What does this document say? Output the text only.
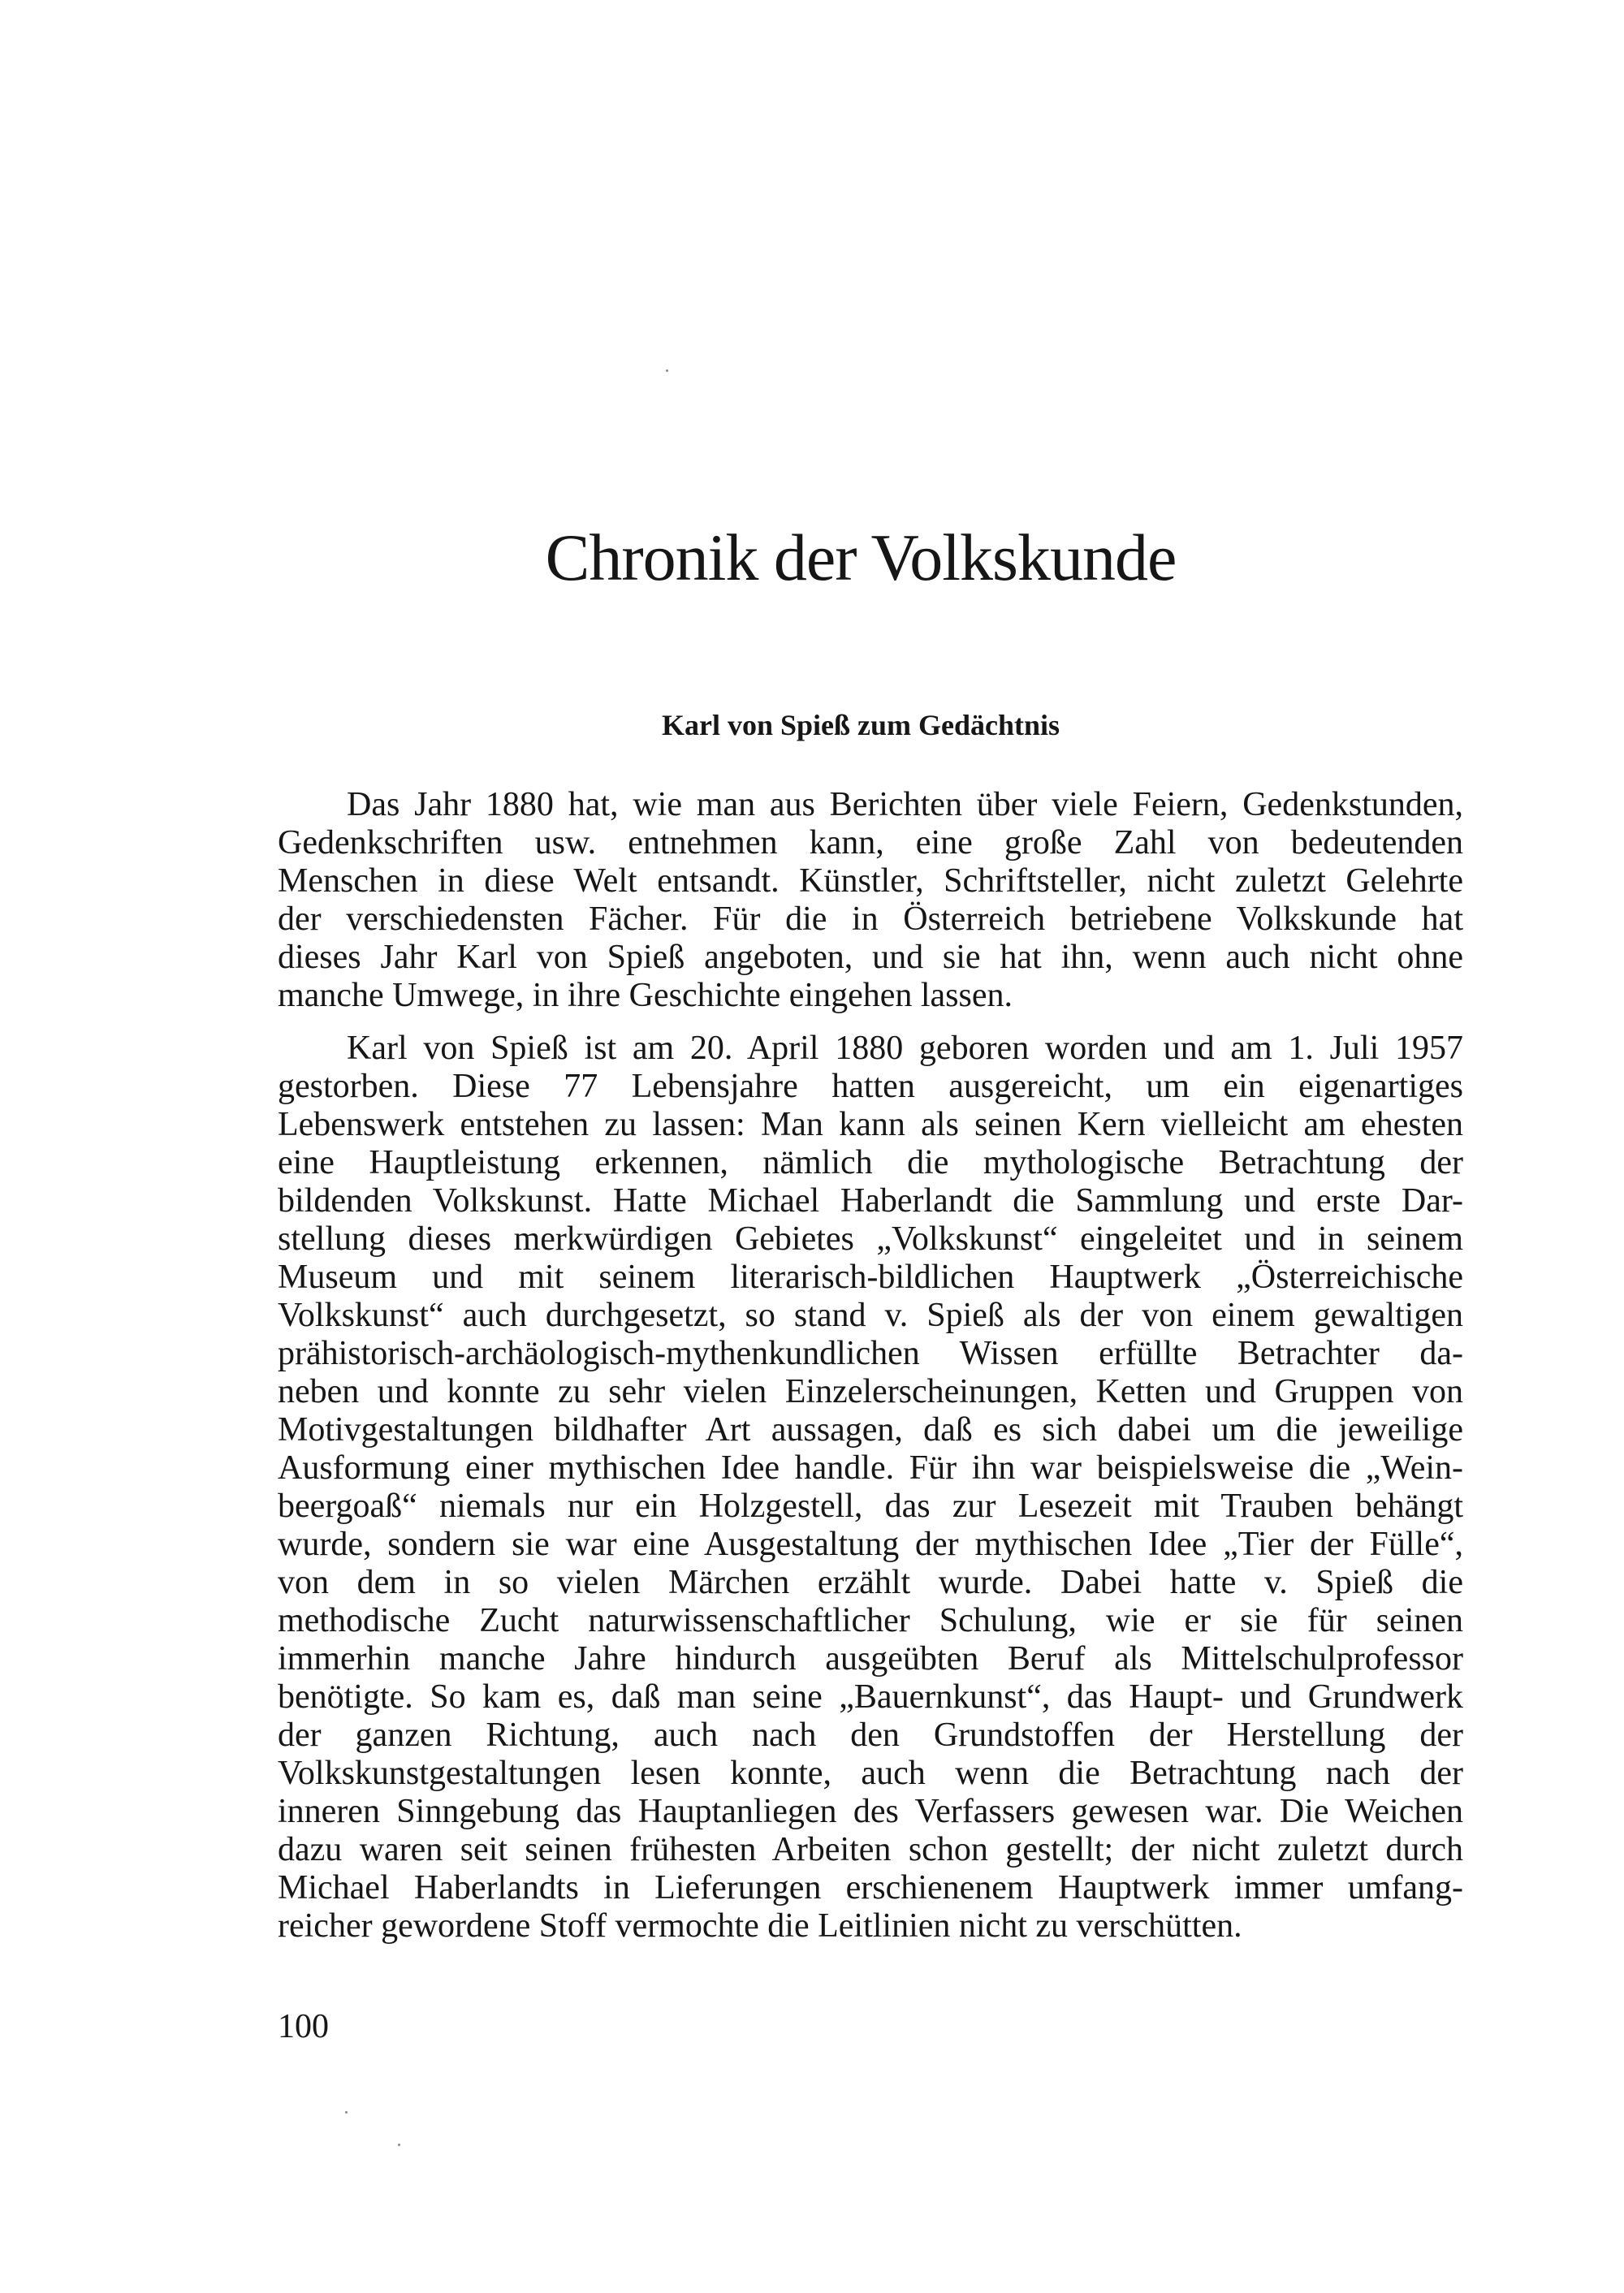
Chronik der Volkskunde
Karl von Spieß zum Gedächtnis
Das Jahr 1880 hat, wie man aus Berichten über viele Feiern, Gedenkstunden,
Gedenkschriften usw. entnehmen kann, eine große Zahl von bedeutenden
Menschen in diese Welt entsandt. Künstler, Schriftsteller, nicht zuletzt Gelehrte
der verschiedensten Fächer. Für die in Österreich betriebene Volkskunde hat
dieses Jahr Karl von Spieß angeboten, und sie hat ihn, wenn auch nicht ohne
manche Umwege, in ihre Geschichte eingehen lassen.
Karl von Spieß ist am 20. April 1880 geboren worden und am 1. Juli 1957
gestorben. Diese 77 Lebensjahre hatten ausgereicht, um ein eigenartiges
Lebenswerk entstehen zu lassen: Man kann als seinen Kern vielleicht am ehesten
eine Hauptleistung erkennen, nämlich die mythologische Betrachtung der
bildenden Volkskunst. Hatte Michael Haberlandt die Sammlung und erste Dar-
stellung dieses merkwürdigen Gebietes „Volkskunst“ eingeleitet und in seinem
Museum und mit seinem literarisch-bildlichen Hauptwerk „Österreichische
Volkskunst“ auch durchgesetzt, so stand v. Spieß als der von einem gewaltigen
prähistorisch-archäologisch-mythenkundlichen Wissen erfüllte Betrachter da-
neben und konnte zu sehr vielen Einzelerscheinungen, Ketten und Gruppen von
Motivgestaltungen bildhafter Art aussagen, daß es sich dabei um die jeweilige
Ausformung einer mythischen Idee handle. Für ihn war beispielsweise die „Wein-
beergoaß“ niemals nur ein Holzgestell, das zur Lesezeit mit Trauben behängt
wurde, sondern sie war eine Ausgestaltung der mythischen Idee „Tier der Fülle“,
von dem in so vielen Märchen erzählt wurde. Dabei hatte v. Spieß die
methodische Zucht naturwissenschaftlicher Schulung, wie er sie für seinen
immerhin manche Jahre hindurch ausgeübten Beruf als Mittelschulprofessor
benötigte. So kam es, daß man seine „Bauernkunst“, das Haupt- und Grundwerk
der ganzen Richtung, auch nach den Grundstoffen der Herstellung der
Volkskunstgestaltungen lesen konnte, auch wenn die Betrachtung nach der
inneren Sinngebung das Hauptanliegen des Verfassers gewesen war. Die Weichen
dazu waren seit seinen frühesten Arbeiten schon gestellt; der nicht zuletzt durch
Michael Haberlandts in Lieferungen erschienenem Hauptwerk immer umfang-
reicher gewordene Stoff vermochte die Leitlinien nicht zu verschütten.
100
